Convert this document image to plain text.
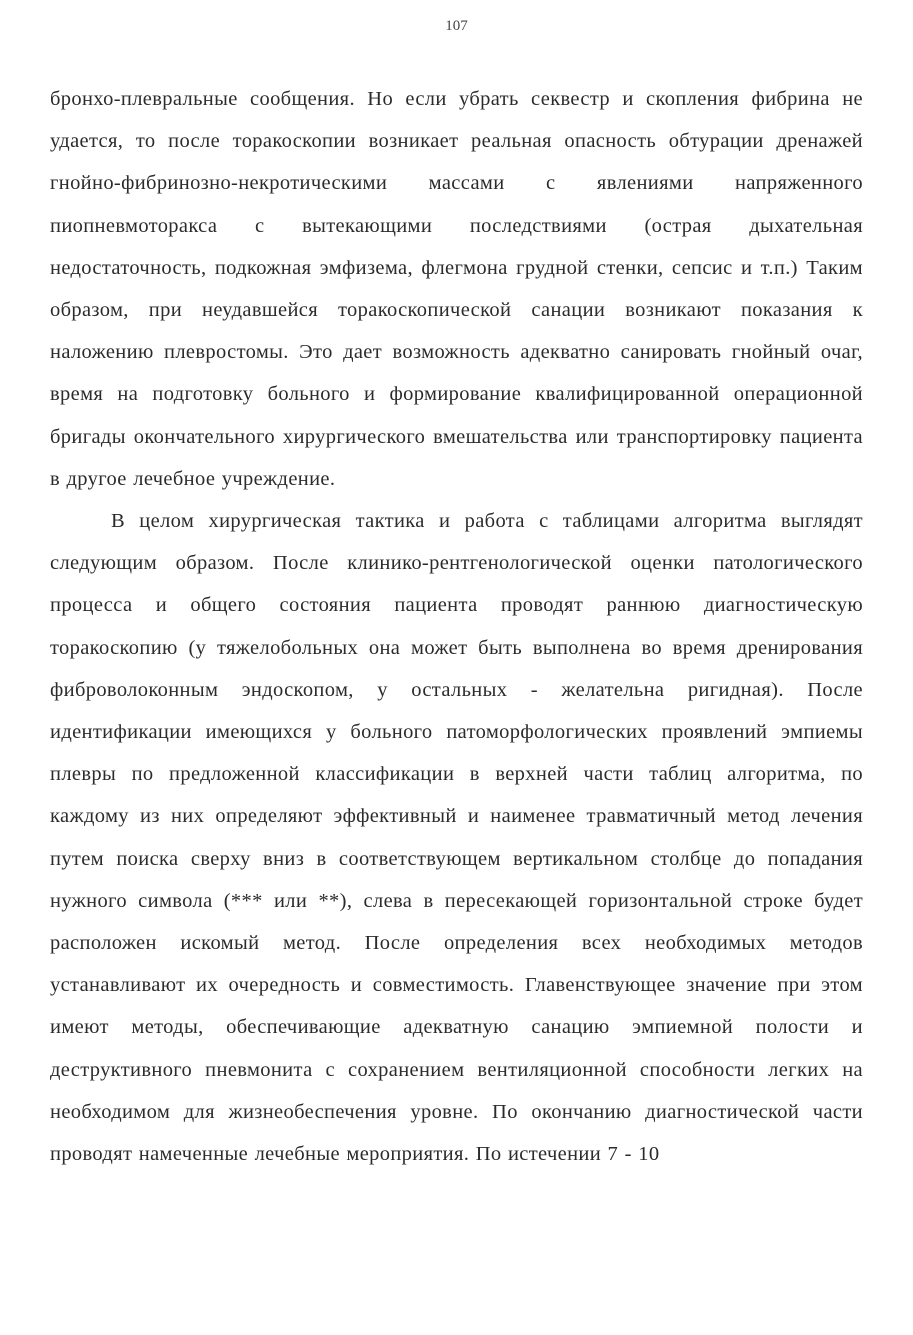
107

бронхо-плевральные сообщения. Но если убрать секвестр и скопления фибрина не удается, то после торакоскопии возникает реальная опасность обтурации дренажей гнойно-фибринозно-некротическими массами с явлениями напряженного пиопневмоторакса с вытекающими последствиями (острая дыхательная недостаточность, подкожная эмфизема, флегмона грудной стенки, сепсис и т.п.) Таким образом, при неудавшейся торакоскопической санации возникают показания к наложению плевростомы. Это дает возможность адекватно санировать гнойный очаг, время на подготовку больного и формирование квалифицированной операционной бригады окончательного хирургического вмешательства или транспортировку пациента в другое лечебное учреждение.

В целом хирургическая тактика и работа с таблицами алгоритма выглядят следующим образом. После клинико-рентгенологической оценки патологического процесса и общего состояния пациента проводят раннюю диагностическую торакоскопию (у тяжелобольных она может быть выполнена во время дренирования фиброволоконным эндоскопом, у остальных - желательна ригидная). После идентификации имеющихся у больного патоморфологических проявлений эмпиемы плевры по предложенной классификации в верхней части таблиц алгоритма, по каждому из них определяют эффективный и наименее травматичный метод лечения путем поиска сверху вниз в соответствующем вертикальном столбце до попадания нужного символа (*** или **), слева в пересекающей горизонтальной строке будет расположен искомый метод. После определения всех необходимых методов устанавливают их очередность и совместимость. Главенствующее значение при этом имеют методы, обеспечивающие адекватную санацию эмпиемной полости и деструктивного пневмонита с сохранением вентиляционной способности легких на необходимом для жизнеобеспечения уровне. По окончанию диагностической части проводят намеченные лечебные мероприятия. По истечении 7 - 10
